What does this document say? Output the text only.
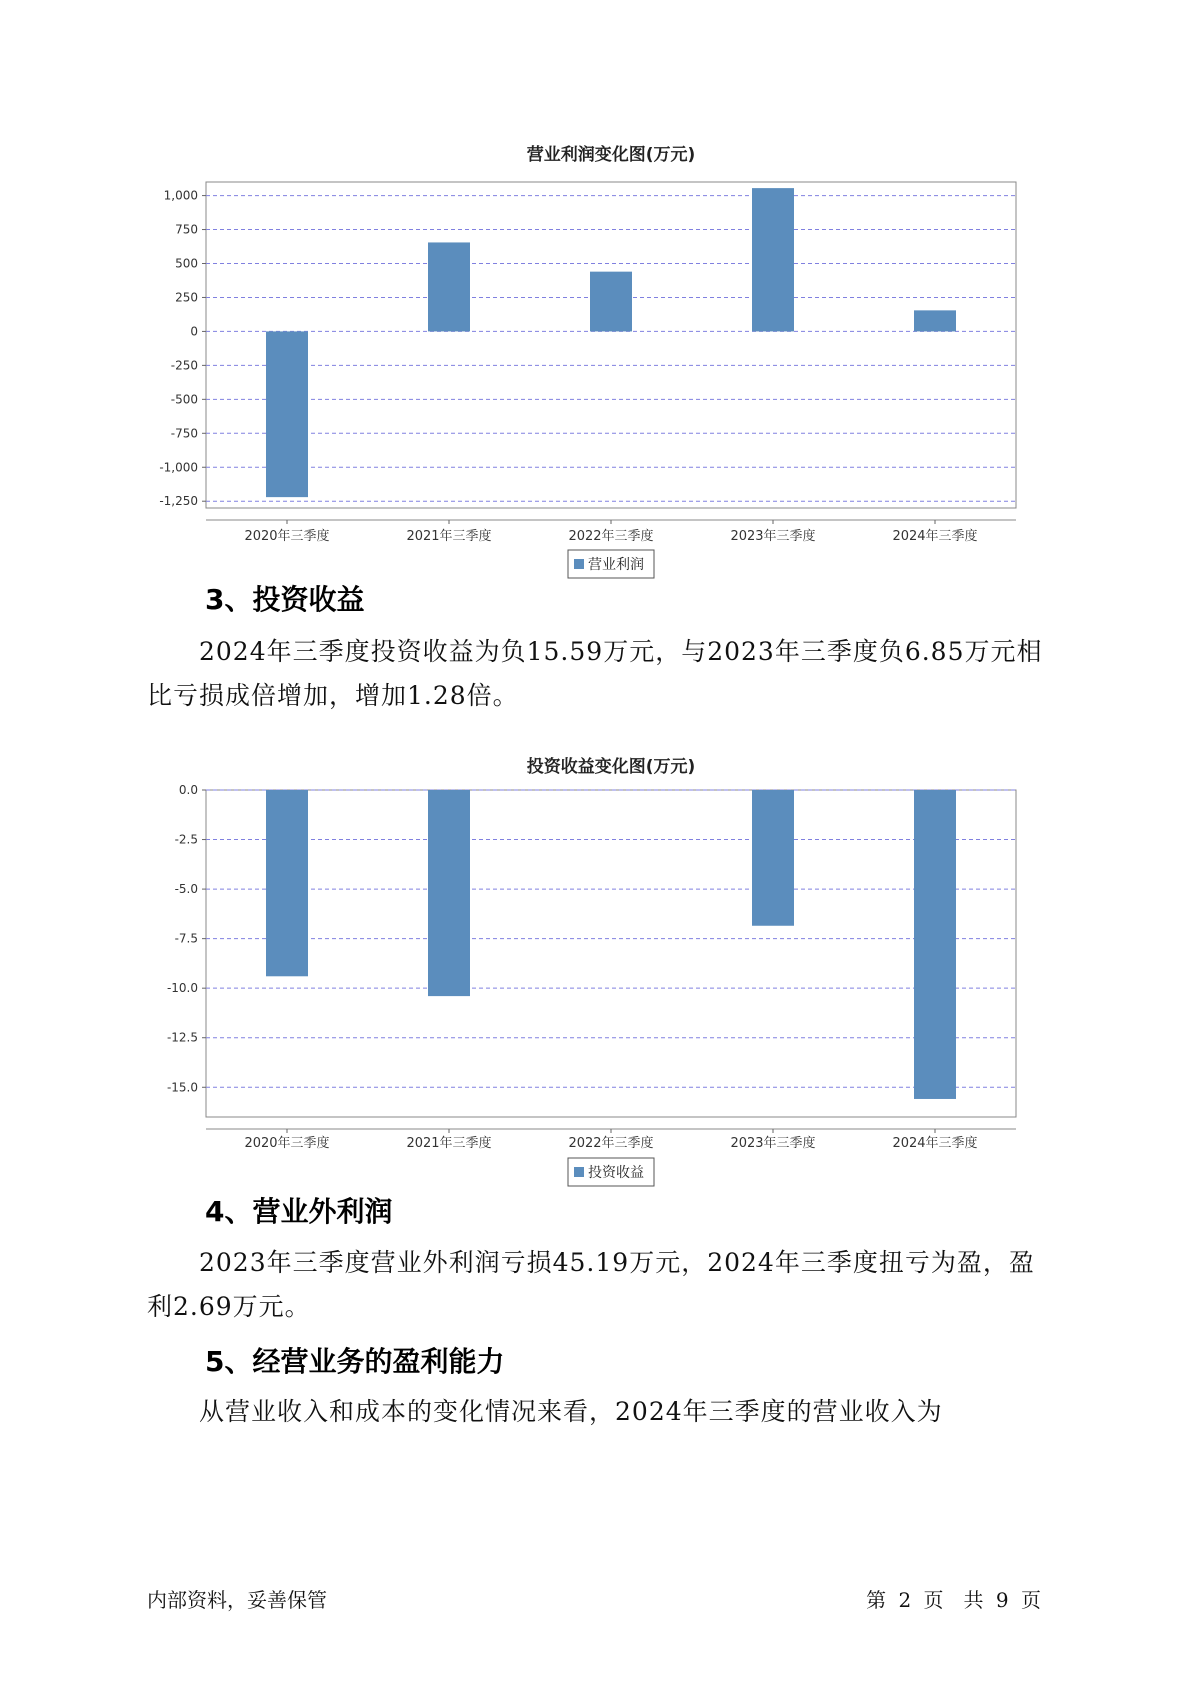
营业利润变化图(万元)
1,000
750
500
250
0
-250
-500
-750
-1,000
-1,250
2020年三季度	2021年三季度	2022年三季度	2023年三季度	2024年三季度
营业利润
3、投资收益

2024年三季度投资收益为负15.59万元，与2023年三季度负6.85万元相比亏损成倍增加，增加1.28倍。

投资收益变化图(万元)
0.0
-2.5
-5.0
-7.5
-10.0
-12.5
-15.0
2020年三季度	2021年三季度	2022年三季度	2023年三季度	2024年三季度
投资收益
4、营业外利润

2023年三季度营业外利润亏损45.19万元，2024年三季度扭亏为盈，盈利2.69万元。

5、经营业务的盈利能力

从营业收入和成本的变化情况来看，2024年三季度的营业收入为

内部资料，妥善保管	第 2 页　共 9 页
